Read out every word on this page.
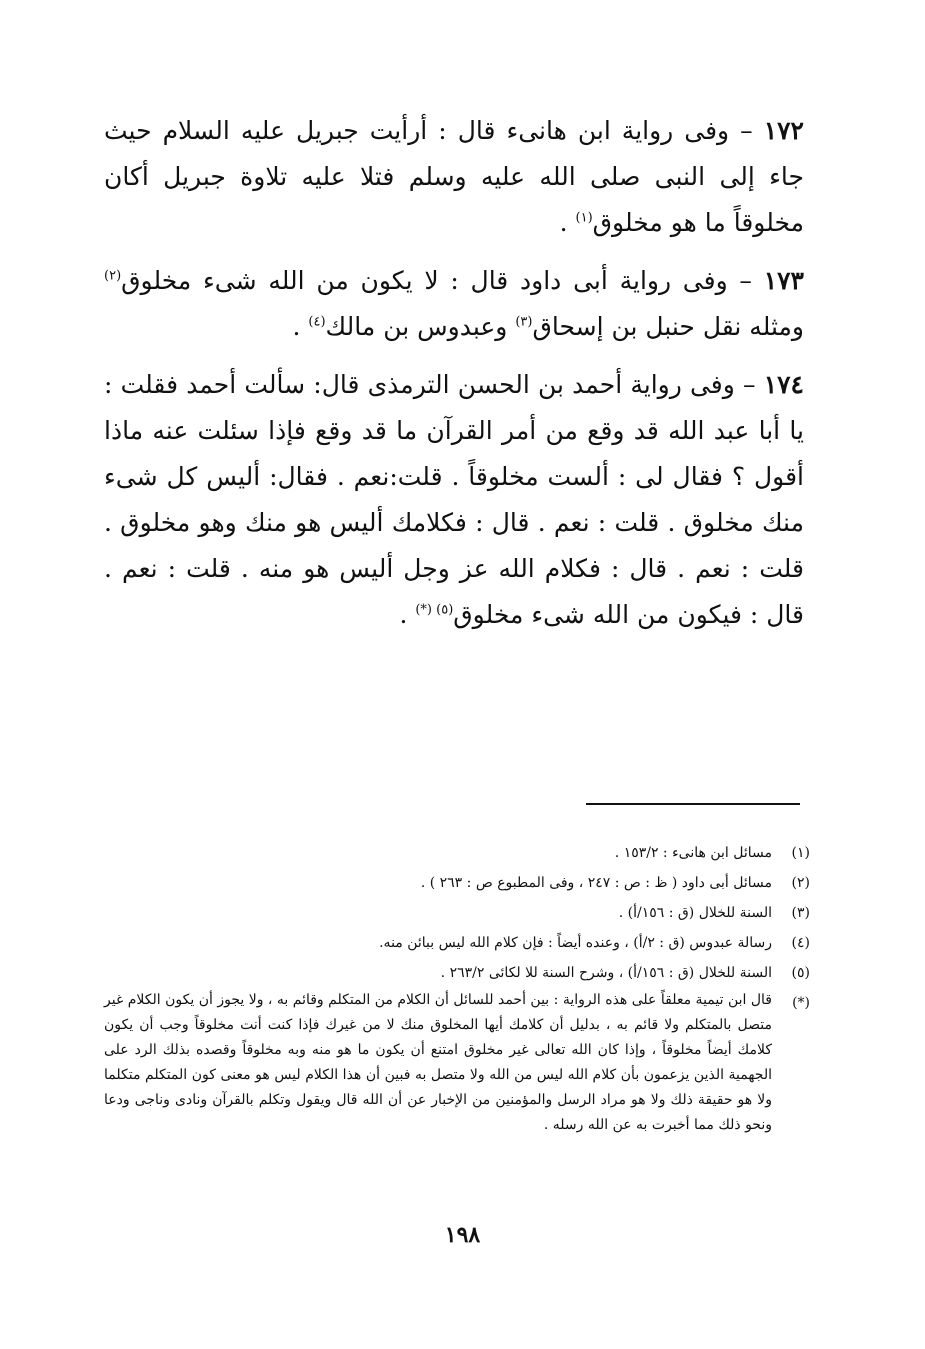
١٧٢ – وفى رواية ابن هانىء قال : أرأيت جبريل عليه السلام حيث جاء إلى النبى صلى الله عليه وسلم فتلا عليه تلاوة جبريل أكان مخلوقاً ما هو مخلوق$^{(١)}$ .

١٧٣ – وفى رواية أبى داود قال : لا يكون من الله شىء مخلوق$^{(٢)}$ ومثله نقل حنبل بن إسحاق$^{(٣)}$ وعبدوس بن مالك$^{(٤)}$ .

١٧٤ – وفى رواية أحمد بن الحسن الترمذى قال: سألت أحمد فقلت : يا أبا عبد الله قد وقع من أمر القرآن ما قد وقع فإذا سئلت عنه ماذا أقول ؟ فقال لى : ألست مخلوقاً . قلت:نعم . فقال: أليس كل شىء منك مخلوق . قلت : نعم . قال : فكلامك أليس هو منك وهو مخلوق . قلت : نعم . قال : فكلام الله عز وجل أليس هو منه . قلت : نعم . قال : فيكون من الله شىء مخلوق$^{(٥) (*)}$ .

(١)
مسائل ابن هانىء : ١٥٣/٢ .
(٢)
مسائل أبى داود ( ظ : ص : ٢٤٧ ، وفى المطبوع ص : ٢٦٣ ) .
(٣)
السنة للخلال (ق : ١٥٦/أ) .
(٤)
رسالة عبدوس (ق : ٢/أ) ، وعنده أيضاً : فإن كلام الله ليس ببائن منه.
(٥)
السنة للخلال (ق : ١٥٦/أ) ، وشرح السنة للا لكائى ٢٦٣/٢ .
(*)
قال ابن تيمية معلقاً على هذه الرواية : بين أحمد للسائل أن الكلام من المتكلم وقائم به ، ولا يجوز أن يكون الكلام غير متصل بالمتكلم ولا قائم به ، بدليل أن كلامك أيها المخلوق منك لا من غيرك فإذا كنت أنت مخلوقاً وجب أن يكون كلامك أيضاً مخلوقاً ، وإذا كان الله تعالى غير مخلوق امتنع أن يكون ما هو منه وبه مخلوقاً وقصده بذلك الرد على الجهمية الذين يزعمون بأن كلام الله ليس من الله ولا متصل به فبين أن هذا الكلام ليس هو معنى كون المتكلم متكلما ولا هو حقيقة ذلك ولا هو مراد الرسل والمؤمنين من الإخبار عن أن الله قال ويقول وتكلم بالقرآن ونادى وناجى ودعا ونحو ذلك مما أخبرت به عن الله رسله .
١٩٨
